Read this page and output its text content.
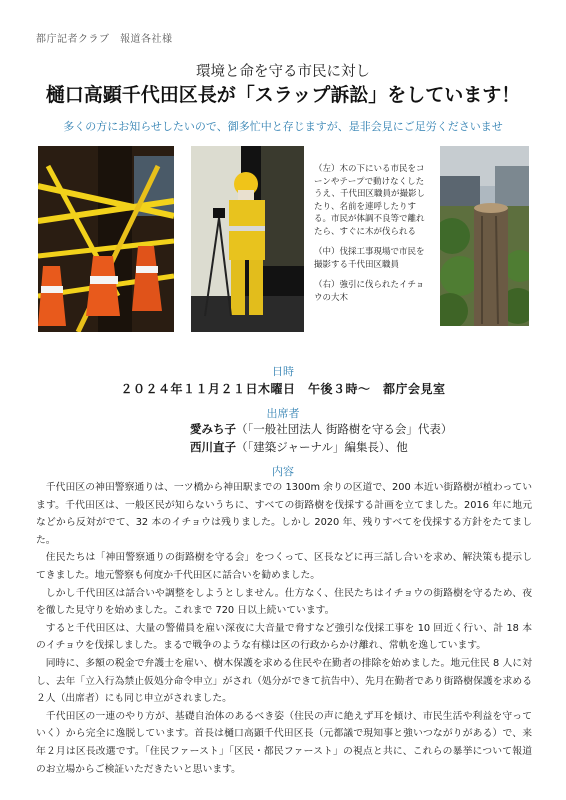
都庁記者クラブ　報道各社様
環境と命を守る市民に対し
樋口高顕千代田区長が「スラップ訴訟」をしています！
多くの方にお知らせしたいので、御多忙中と存じますが、是非会見にご足労くださいませ

（左）木の下にいる市民をコーンやテープで動けなくしたうえ、千代田区職員が撮影したり、名前を連呼したりする。市民が体調不良等で離れたら、すぐに木が伐られる

（中）伐採工事現場で市民を撮影する千代田区職員

（右）強引に伐られたイチョウの大木

日時
２０２４年１１月２１日木曜日　午後３時〜　都庁会見室
出席者
愛みち子（「一般社団法人 街路樹を守る会」代表）
西川直子（「建築ジャーナル」編集長）、他
内容

千代田区の神田警察通りは、一ツ橋から神田駅までの 1300m 余りの区道で、200 本近い街路樹が植わっています。千代田区は、一般区民が知らないうちに、すべての街路樹を伐採する計画を立てました。2016 年に地元などから反対がでて、32 本のイチョウは残りました。しかし 2020 年、残りすべてを伐採する方針をたてました。

住民たちは「神田警察通りの街路樹を守る会」をつくって、区長などに再三話し合いを求め、解決策も提示してきました。地元警察も何度か千代田区に話合いを勧めました。

しかし千代田区は話合いや調整をしようとしません。仕方なく、住民たちはイチョウの街路樹を守るため、夜を徹した見守りを始めました。これまで 720 日以上続いています。

すると千代田区は、大量の警備員を雇い深夜に大音量で脅すなど強引な伐採工事を 10 回近く行い、計 18 本のイチョウを伐採しました。まるで戦争のような有様は区の行政からかけ離れ、常軌を逸しています。

同時に、多額の税金で弁護士を雇い、樹木保護を求める住民や在勤者の排除を始めました。地元住民 8 人に対し、去年「立入行為禁止仮処分命令申立」がされ（処分ができて抗告中）、先月在勤者であり街路樹保護を求める２人（出席者）にも同じ申立がされました。

千代田区の一連のやり方が、基礎自治体のあるべき姿（住民の声に絶えず耳を傾け、市民生活や利益を守っていく）から完全に逸脱しています。首長は樋口高顕千代田区長（元都議で現知事と強いつながりがある）で、来年２月は区長改選です。「住民ファースト」「区民・都民ファースト」の視点と共に、これらの暴挙について報道のお立場からご検証いただきたいと思います。
